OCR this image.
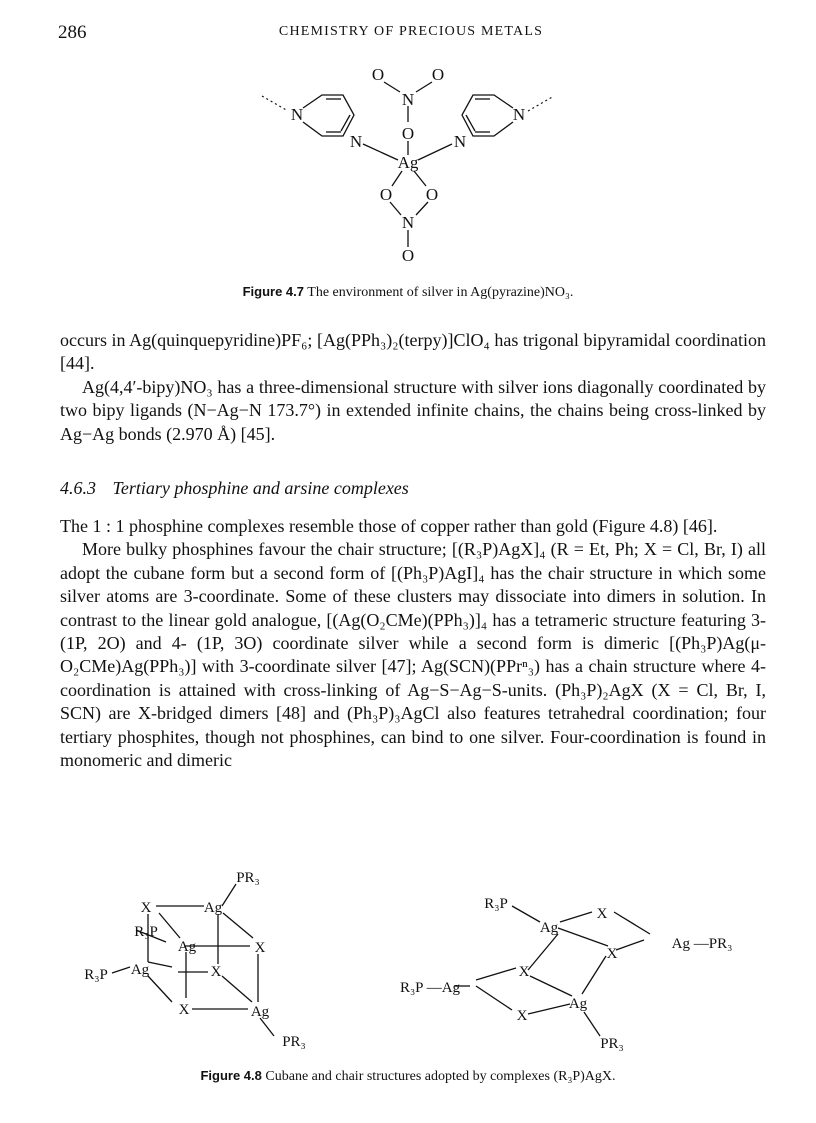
286	CHEMISTRY OF PRECIOUS METALS
O	O
N
O
Ag
O O
N
O
N
N
N
N
Figure 4.7 The environment of silver in Ag(pyrazine)NO₃.

occurs in Ag(quinquepyridine)PF₆; [Ag(PPh₃)₂(terpy)]ClO₄ has trigonal bipyramidal coordination [44].

Ag(4,4′-bipy)NO₃ has a three-dimensional structure with silver ions diagonally coordinated by two bipy ligands (N−Ag−N 173.7°) in extended infinite chains, the chains being cross-linked by Ag−Ag bonds (2.970 Å) [45].

4.6.3 Tertiary phosphine and arsine complexes

The 1 : 1 phosphine complexes resemble those of copper rather than gold (Figure 4.8) [46].

More bulky phosphines favour the chair structure; [(R₃P)AgX]₄ (R = Et, Ph; X = Cl, Br, I) all adopt the cubane form but a second form of [(Ph₃P)AgI]₄ has the chair structure in which some silver atoms are 3-coordinate. Some of these clusters may dissociate into dimers in solution. In contrast to the linear gold analogue, [(Ag(O₂CMe)(PPh₃)]₄ has a tetrameric structure featuring 3- (1P, 2O) and 4- (1P, 3O) coordinate silver while a second form is dimeric [(Ph₃P)Ag(μ-O₂CMe)Ag(PPh₃)] with 3-coordinate silver [47]; Ag(SCN)(PPrⁿ₃) has a chain structure where 4-coordination is attained with cross-linking of Ag−S−Ag−S-units. (Ph₃P)₂AgX (X = Cl, Br, I, SCN) are X-bridged dimers [48] and (Ph₃P)₃AgCl also features tetrahedral coordination; four tertiary phosphites, though not phosphines, can bind to one silver. Four-coordination is found in monomeric and dimeric

PR₃
X	Ag
R₃P
Ag	X
R₃P Ag	X
X	Ag
PR₃
R₃P
X
Ag
Ag —PR₃
X
X
R₃P —Ag
Ag
X
PR₃
Figure 4.8 Cubane and chair structures adopted by complexes (R₃P)AgX.
